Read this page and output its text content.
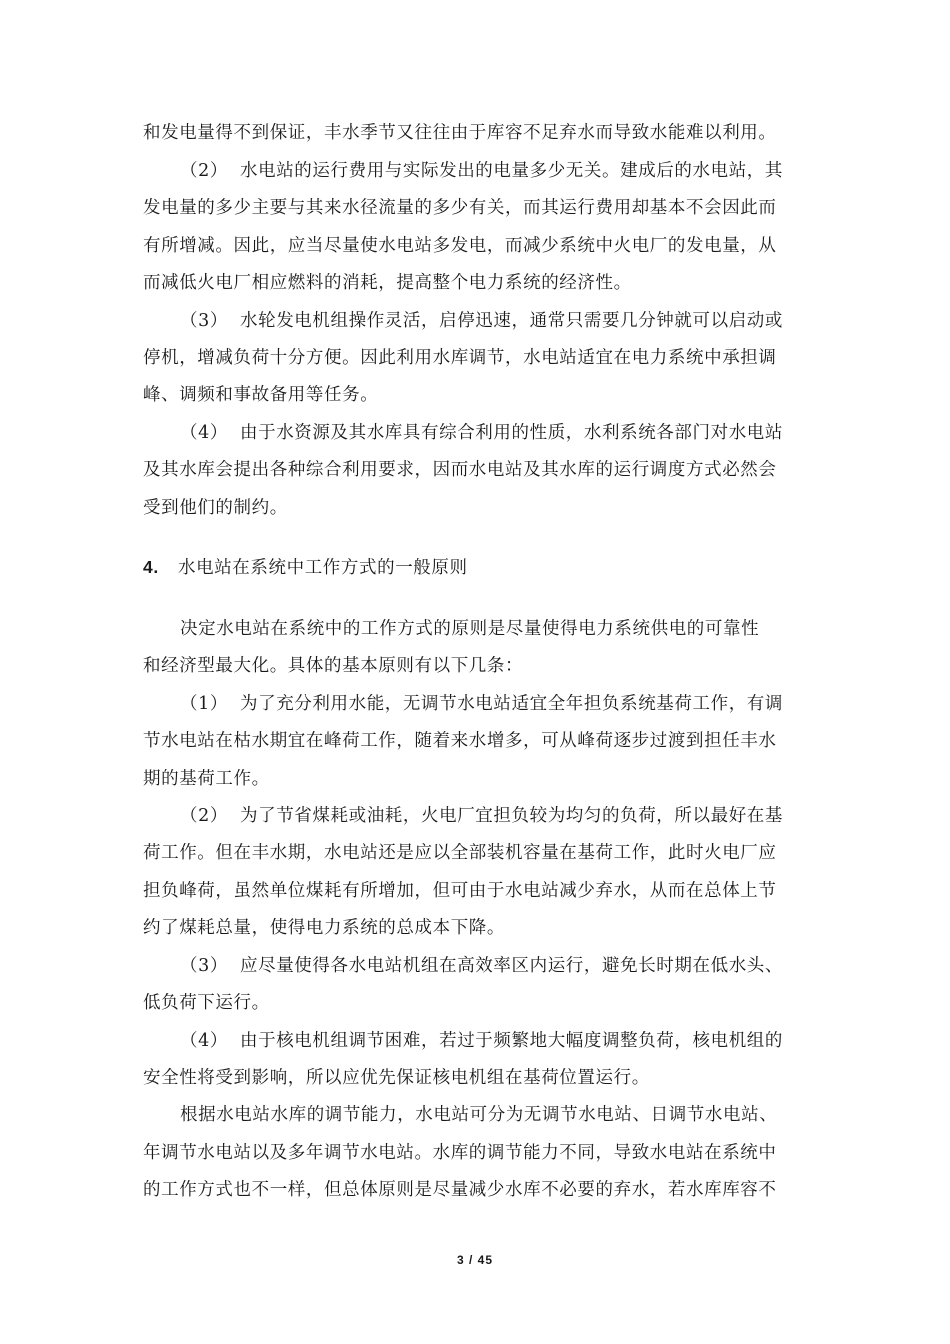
和发电量得不到保证，丰水季节又往往由于库容不足弃水而导致水能难以利用。
（2） 水电站的运行费用与实际发出的电量多少无关。建成后的水电站，其
发电量的多少主要与其来水径流量的多少有关，而其运行费用却基本不会因此而
有所增减。因此，应当尽量使水电站多发电，而减少系统中火电厂的发电量，从
而减低火电厂相应燃料的消耗，提高整个电力系统的经济性。
（3） 水轮发电机组操作灵活，启停迅速，通常只需要几分钟就可以启动或
停机，增减负荷十分方便。因此利用水库调节，水电站适宜在电力系统中承担调
峰、调频和事故备用等任务。
（4） 由于水资源及其水库具有综合利用的性质，水利系统各部门对水电站
及其水库会提出各种综合利用要求，因而水电站及其水库的运行调度方式必然会
受到他们的制约。
4. 水电站在系统中工作方式的一般原则
决定水电站在系统中的工作方式的原则是尽量使得电力系统供电的可靠性
和经济型最大化。具体的基本原则有以下几条：
（1） 为了充分利用水能，无调节水电站适宜全年担负系统基荷工作，有调
节水电站在枯水期宜在峰荷工作，随着来水增多，可从峰荷逐步过渡到担任丰水
期的基荷工作。
（2） 为了节省煤耗或油耗，火电厂宜担负较为均匀的负荷，所以最好在基
荷工作。但在丰水期，水电站还是应以全部装机容量在基荷工作，此时火电厂应
担负峰荷，虽然单位煤耗有所增加，但可由于水电站减少弃水，从而在总体上节
约了煤耗总量，使得电力系统的总成本下降。
（3） 应尽量使得各水电站机组在高效率区内运行，避免长时期在低水头、
低负荷下运行。
（4） 由于核电机组调节困难，若过于频繁地大幅度调整负荷，核电机组的
安全性将受到影响，所以应优先保证核电机组在基荷位置运行。
根据水电站水库的调节能力，水电站可分为无调节水电站、日调节水电站、
年调节水电站以及多年调节水电站。水库的调节能力不同，导致水电站在系统中
的工作方式也不一样，但总体原则是尽量减少水库不必要的弃水，若水库库容不
3 / 45
